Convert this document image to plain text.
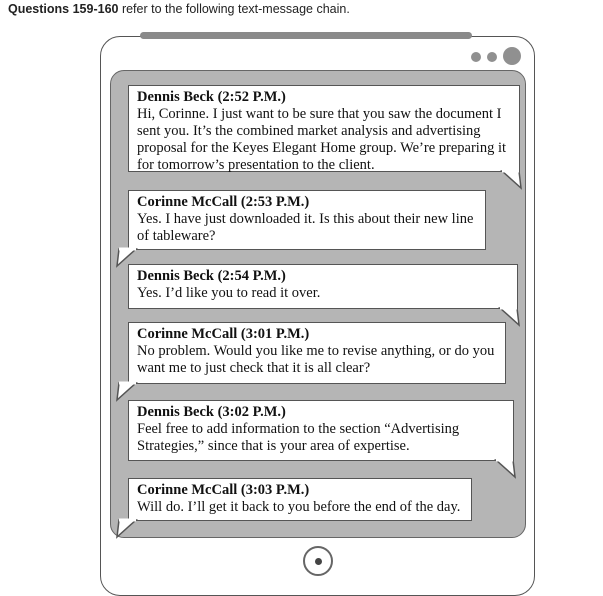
Questions 159-160 refer to the following text-message chain.
Dennis Beck (2:52 P.M.)
Hi, Corinne. I just want to be sure that you saw the document I sent you. It’s the combined market analysis and advertising proposal for the Keyes Elegant Home group. We’re preparing it for tomorrow’s presentation to the client.
Corinne McCall (2:53 P.M.)
Yes. I have just downloaded it. Is this about their new line of tableware?
Dennis Beck (2:54 P.M.)
Yes. I’d like you to read it over.
Corinne McCall (3:01 P.M.)
No problem. Would you like me to revise anything, or do you want me to just check that it is all clear?
Dennis Beck (3:02 P.M.)
Feel free to add information to the section “Advertising Strategies,” since that is your area of expertise.
Corinne McCall (3:03 P.M.)
Will do. I’ll get it back to you before the end of the day.
